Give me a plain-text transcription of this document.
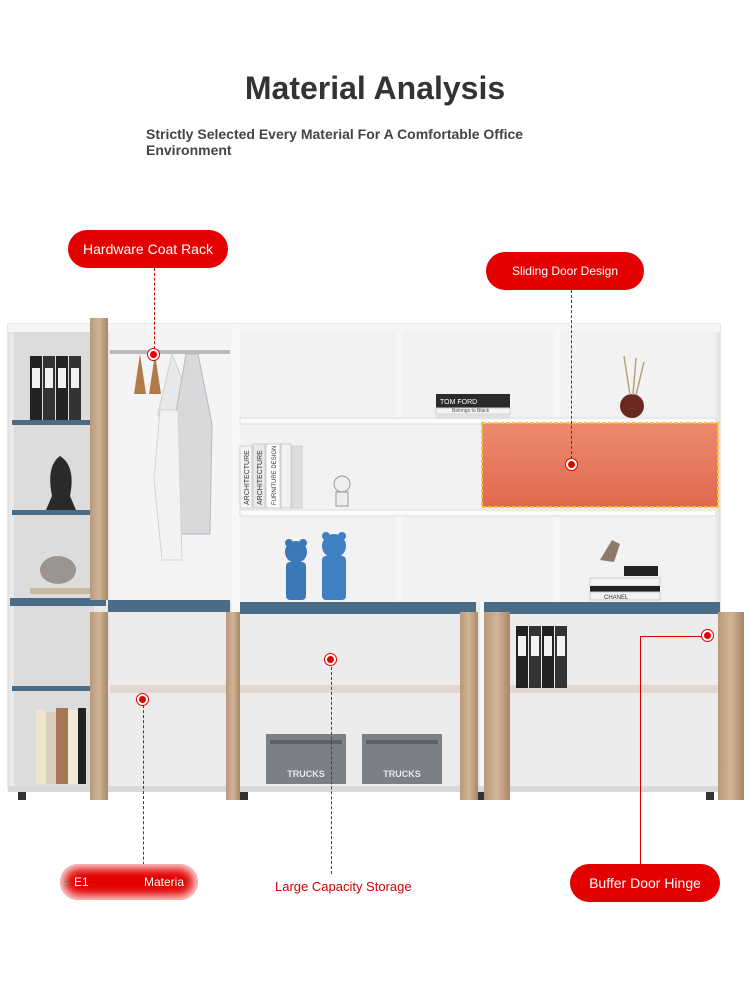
Material Analysis
Strictly Selected Every Material For A Comfortable Office Environment
ARCHITECTURE ARCHITECTURE FURNITURE DESIGN
TOM FORD
Belongs to Black
CHANEL
TRUCKS	TRUCKS
Hardware Coat Rack
Sliding Door Design
E1	Materia	Large Capacity Storage	Buffer Door Hinge
